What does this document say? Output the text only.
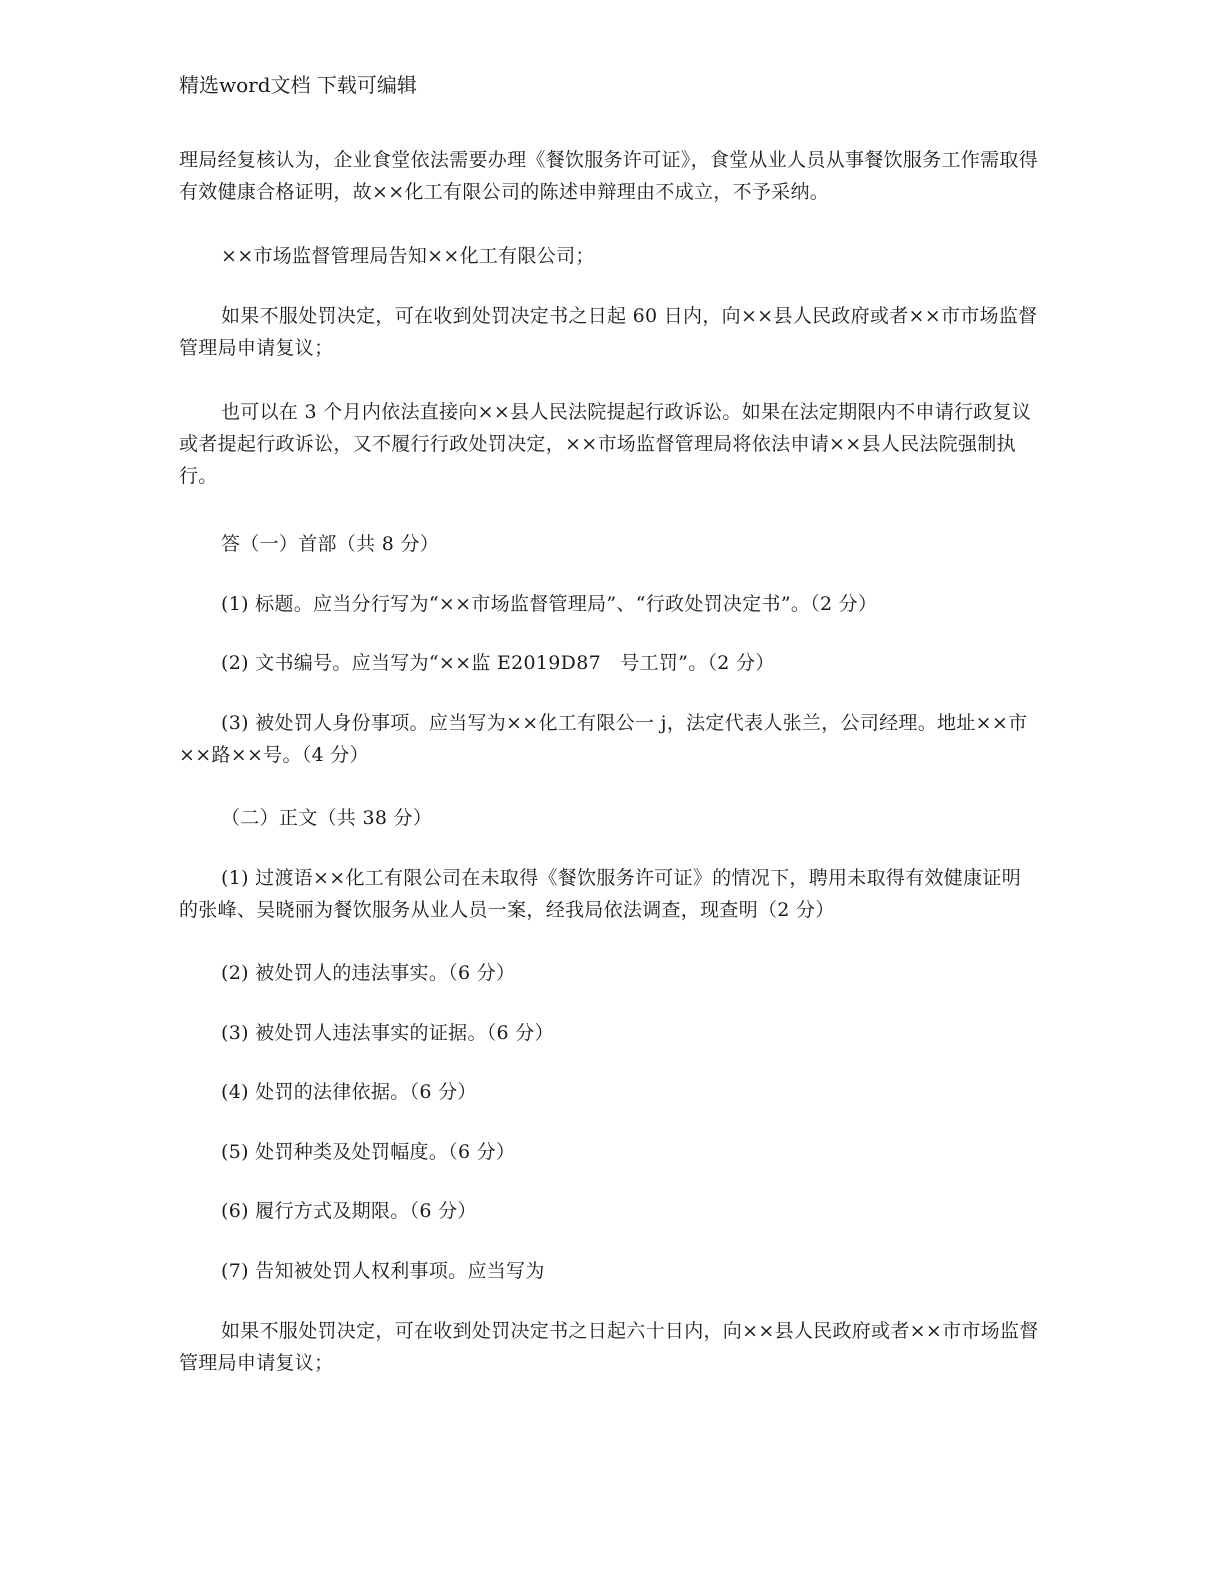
精选word文档 下载可编辑

理局经复核认为，企业食堂依法需要办理《餐饮服务许可证》，食堂从业人员从事餐饮服务工作需取得有效健康合格证明，故××化工有限公司的陈述申辩理由不成立，不予采纳。

××市场监督管理局告知××化工有限公司；

如果不服处罚决定，可在收到处罚决定书之日起 60 日内，向××县人民政府或者××市市场监督管理局申请复议；

也可以在 3 个月内依法直接向××县人民法院提起行政诉讼。如果在法定期限内不申请行政复议或者提起行政诉讼，又不履行行政处罚决定，××市场监督管理局将依法申请××县人民法院强制执行。

答（一）首部（共 8 分）

(1) 标题。应当分行写为“××市场监督管理局”、“行政处罚决定书”。（2 分）

(2) 文书编号。应当写为“××监 E2019D87　号工罚”。（2 分）

(3) 被处罚人身份事项。应当写为××化工有限公一 j，法定代表人张兰，公司经理。地址××市××路××号。（4 分）

（二）正文（共 38 分）

(1) 过渡语××化工有限公司在未取得《餐饮服务许可证》的情况下，聘用未取得有效健康证明的张峰、吴晓丽为餐饮服务从业人员一案，经我局依法调查，现查明（2 分）

(2) 被处罚人的违法事实。（6 分）

(3) 被处罚人违法事实的证据。（6 分）

(4) 处罚的法律依据。（6 分）

(5) 处罚种类及处罚幅度。（6 分）

(6) 履行方式及期限。（6 分）

(7) 告知被处罚人权利事项。应当写为

如果不服处罚决定，可在收到处罚决定书之日起六十日内，向××县人民政府或者××市市场监督管理局申请复议；
